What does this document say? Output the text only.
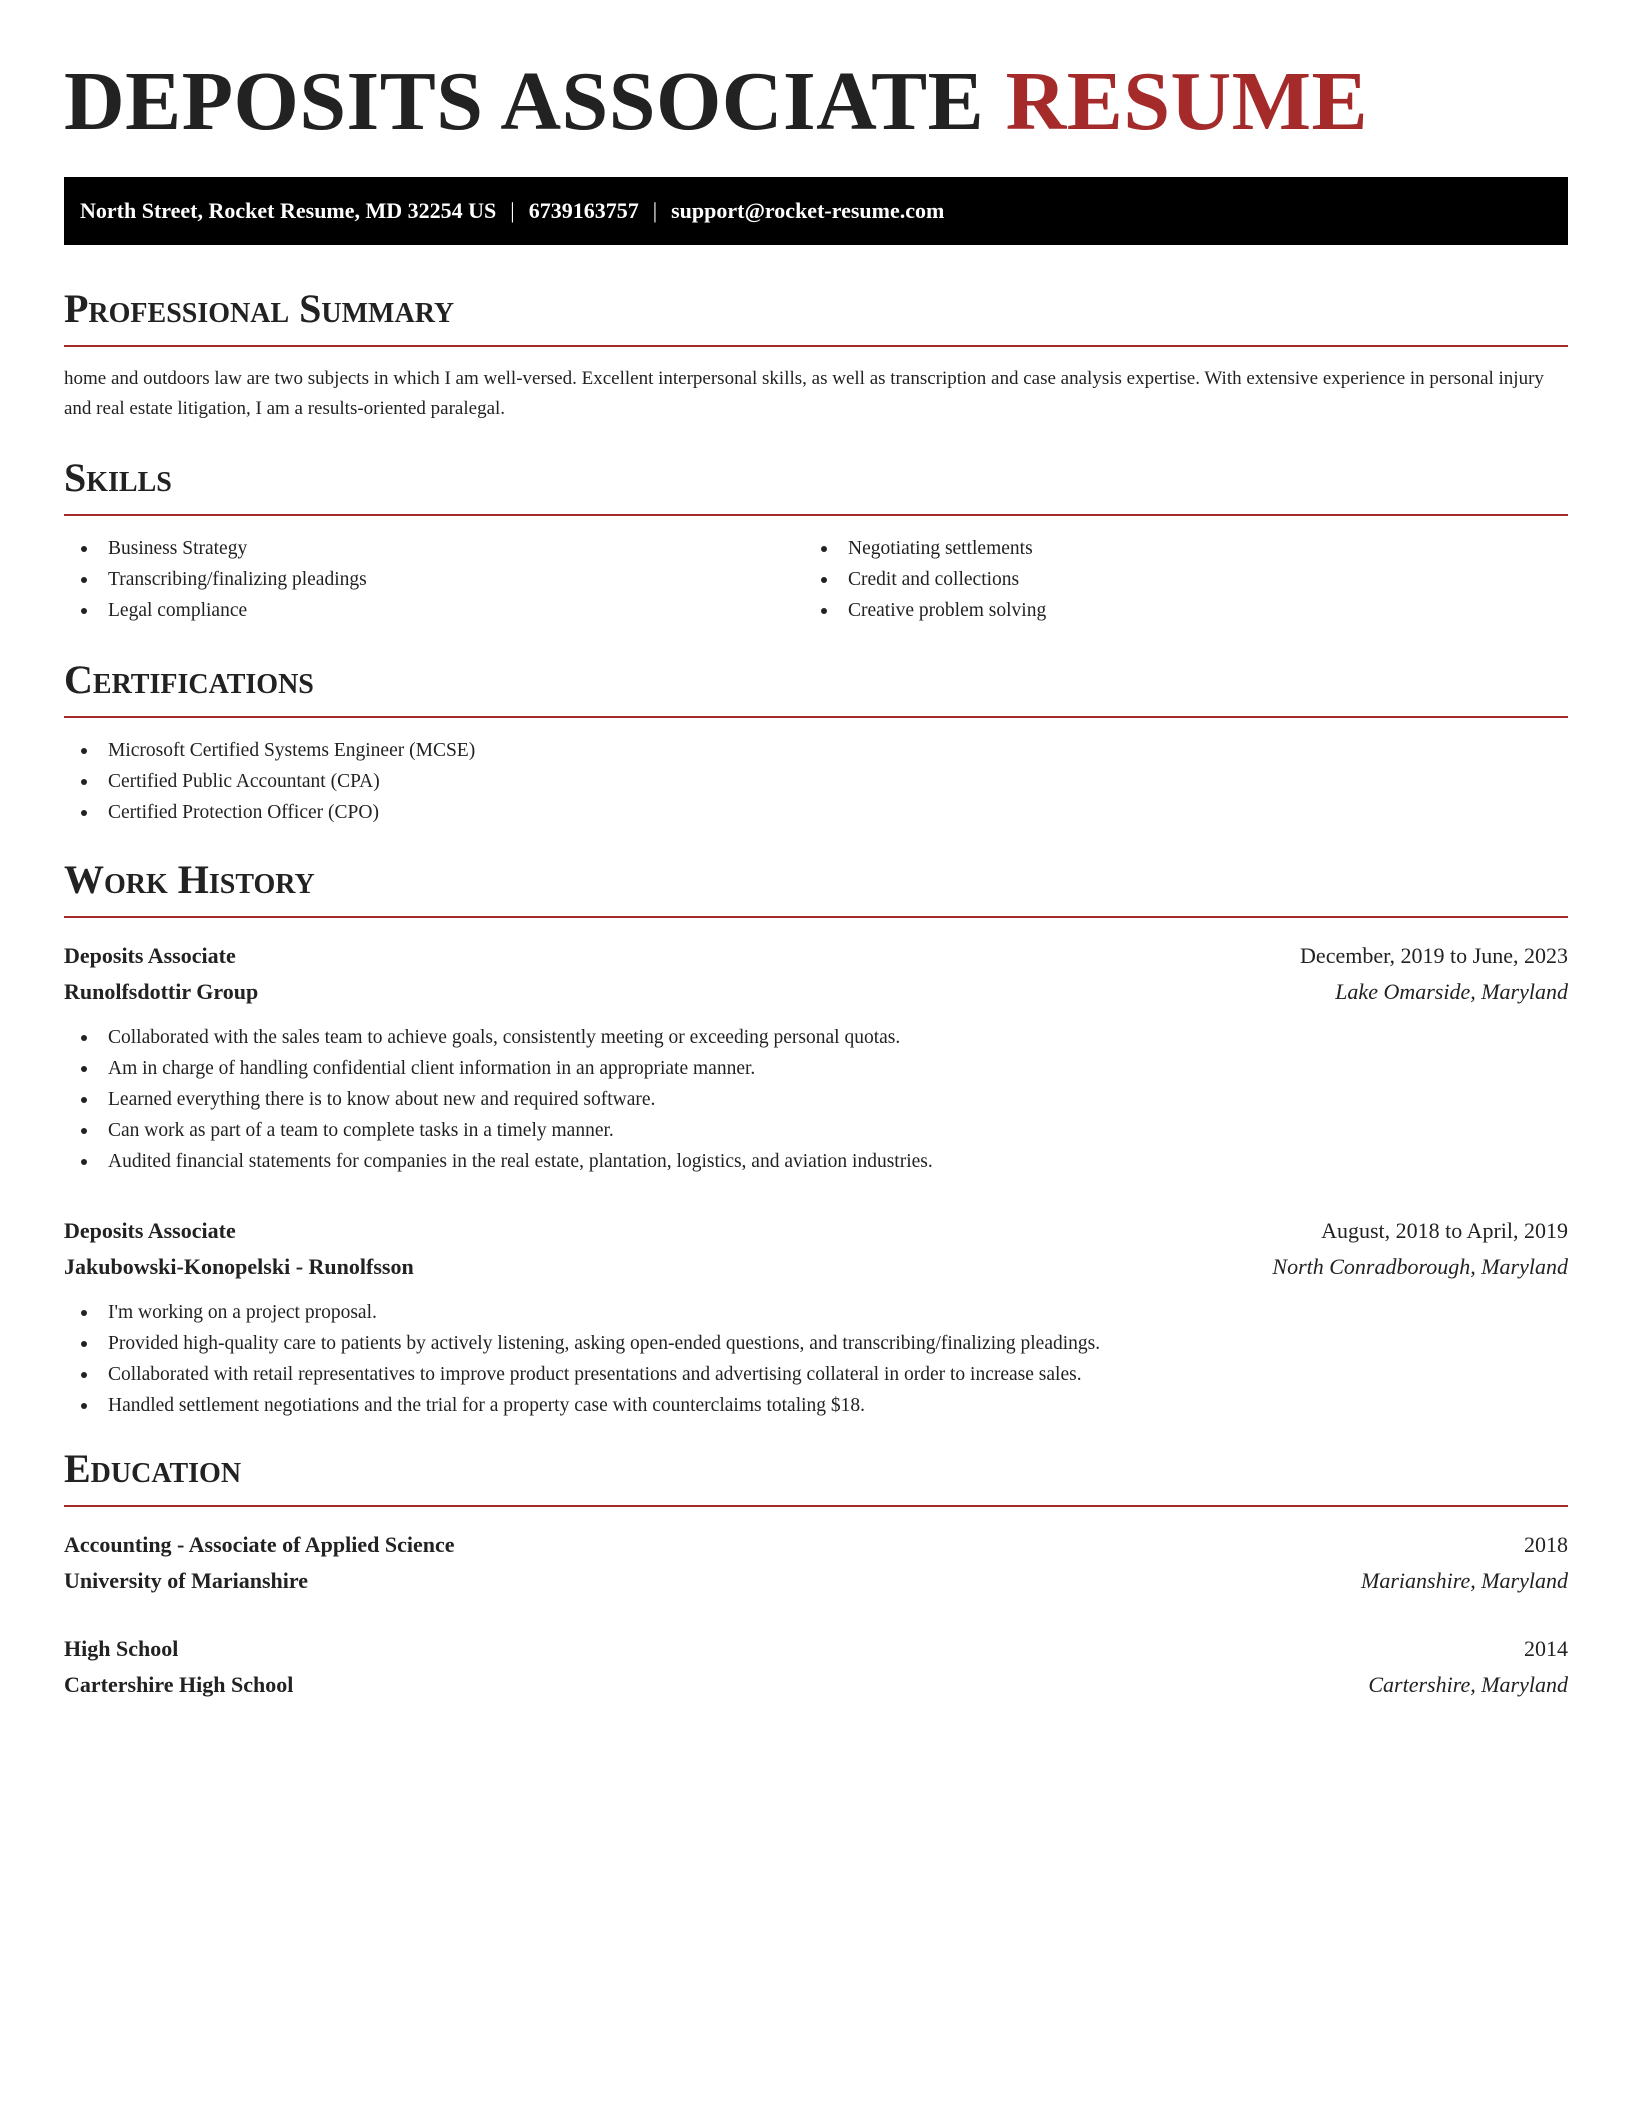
DEPOSITS ASSOCIATE RESUME
North Street, Rocket Resume, MD 32254 US | 6739163757 | support@rocket-resume.com
Professional Summary

home and outdoors law are two subjects in which I am well-versed. Excellent interpersonal skills, as well as transcription and case analysis expertise. With extensive experience in personal injury and real estate litigation, I am a results-oriented paralegal.

Skills
Business Strategy
Transcribing/finalizing pleadings
Legal compliance
Negotiating settlements
Credit and collections
Creative problem solving
Certifications
Microsoft Certified Systems Engineer (MCSE)
Certified Public Accountant (CPA)
Certified Protection Officer (CPO)
Work History
Deposits Associate	December, 2019 to June, 2023
Runolfsdottir Group	Lake Omarside, Maryland
Collaborated with the sales team to achieve goals, consistently meeting or exceeding personal quotas.
Am in charge of handling confidential client information in an appropriate manner.
Learned everything there is to know about new and required software.
Can work as part of a team to complete tasks in a timely manner.
Audited financial statements for companies in the real estate, plantation, logistics, and aviation industries.
Deposits Associate	August, 2018 to April, 2019
Jakubowski-Konopelski - Runolfsson	North Conradborough, Maryland
I'm working on a project proposal.
Provided high-quality care to patients by actively listening, asking open-ended questions, and transcribing/finalizing pleadings.
Collaborated with retail representatives to improve product presentations and advertising collateral in order to increase sales.
Handled settlement negotiations and the trial for a property case with counterclaims totaling $18.
Education
Accounting - Associate of Applied Science	2018
University of Marianshire	Marianshire, Maryland
High School	2014
Cartershire High School	Cartershire, Maryland
